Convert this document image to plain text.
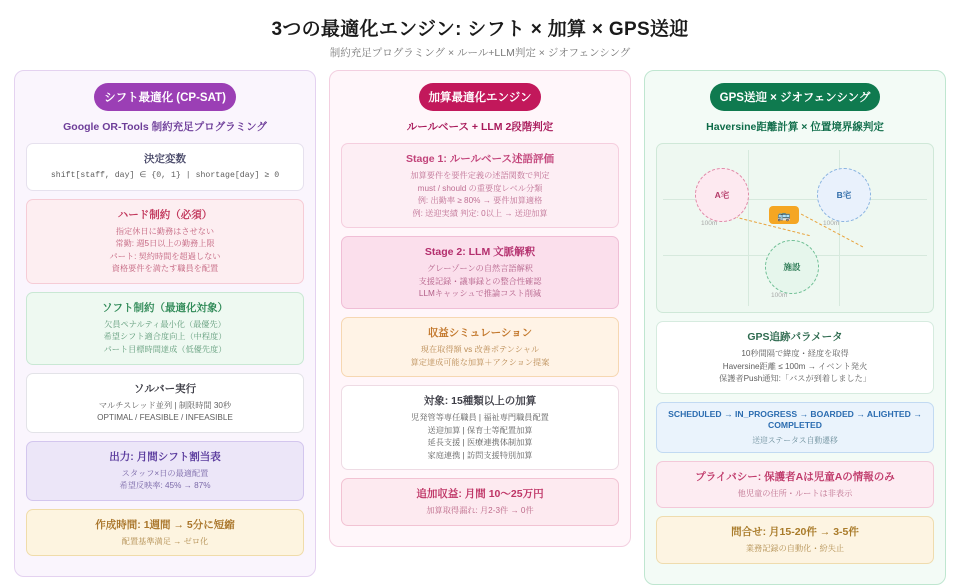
3つの最適化エンジン: シフト × 加算 × GPS送迎
制約充足プログラミング × ルール+LLM判定 × ジオフェンシング
シフト最適化 (CP-SAT)
Google OR-Tools 制約充足プログラミング
決定変数

shift[staff, day] ∈ {0, 1} | shortage[day] ≥ 0

ハード制約（必須）

指定休日に勤務はさせない

常勤: 週5日以上の勤務上限

パート: 契約時間を超過しない

資格要件を満たす職員を配置

ソフト制約（最適化対象）

欠員ペナルティ最小化（最優先）

希望シフト適合度向上（中程度）

パート目標時間達成（低優先度）

ソルバー実行

マルチスレッド並列 | 制限時間 30秒

OPTIMAL / FEASIBLE / INFEASIBLE

出力: 月間シフト割当表

スタッフ×日の最適配置

希望反映率: 45% → 87%

作成時間: 1週間 → 5分に短縮

配置基準満足 → ゼロ化

加算最適化エンジン
ルールベース + LLM 2段階判定
Stage 1: ルールベース述語評価

加算要件を要件定義の述語関数で判定

must / should の重要度レベル分類

例: 出勤率 ≥ 80% → 要件加算適格

例: 送迎実績 判定: 0以上 → 送迎加算

Stage 2: LLM 文脈解釈

グレーゾーンの自然言語解釈

支援記録・議事録との整合性確認

LLMキャッシュで推論コスト削減

収益シミュレーション

現在取得額 vs 改善ポテンシャル

算定達成可能な加算＋アクション提案

対象: 15種類以上の加算

児発管等専任職員 | 福祉専門職員配置

送迎加算 | 保育士等配置加算

延長支援 | 医療連携体制加算

家庭連携 | 訪問支援特別加算

追加収益: 月間 10〜25万円

加算取得漏れ: 月2-3件 → 0件

GPS送迎 × ジオフェンシング
Haversine距離計算 × 位置境界線判定
A宅
100m
B宅
100m
施設
100m
🚌
GPS追跡パラメータ

10秒間隔で緯度・経度を取得

Haversine距離 ≤ 100m → イベント発火

保護者Push通知:「バスが到着しました」

SCHEDULED → IN_PROGRESS → BOARDED → ALIGHTED → COMPLETED

送迎ステータス自動遷移

プライバシー: 保護者Aは児童Aの情報のみ

他児童の住所・ルートは非表示

問合せ: 月15-20件 → 3-5件

業務記録の自動化・紛失止
